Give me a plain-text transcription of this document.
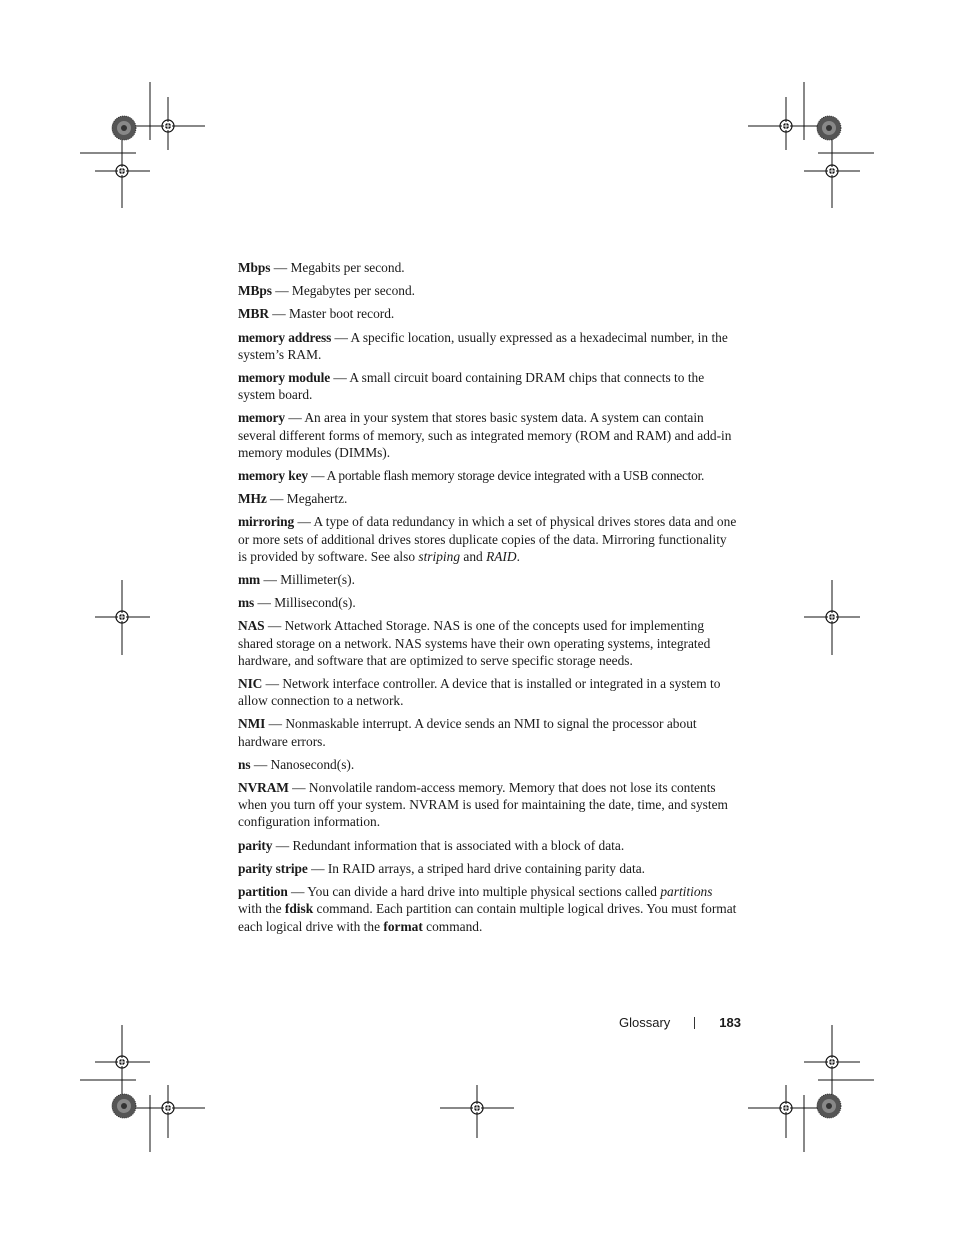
Mbps — Megabits per second.

MBps — Megabytes per second.

MBR — Master boot record.

memory address — A specific location, usually expressed as a hexadecimal number, in the system’s RAM.

memory module — A small circuit board containing DRAM chips that connects to the system board.

memory — An area in your system that stores basic system data. A system can contain several different forms of memory, such as integrated memory (ROM and RAM) and add-in memory modules (DIMMs).

memory key — A portable flash memory storage device integrated with a USB connector.

MHz — Megahertz.

mirroring — A type of data redundancy in which a set of physical drives stores data and one or more sets of additional drives stores duplicate copies of the data. Mirroring functionality is provided by software. See also striping and RAID.

mm — Millimeter(s).

ms — Millisecond(s).

NAS — Network Attached Storage. NAS is one of the concepts used for implementing shared storage on a network. NAS systems have their own operating systems, integrated hardware, and software that are optimized to serve specific storage needs.

NIC — Network interface controller. A device that is installed or integrated in a system to allow connection to a network.

NMI — Nonmaskable interrupt. A device sends an NMI to signal the processor about hardware errors.

ns — Nanosecond(s).

NVRAM — Nonvolatile random-access memory. Memory that does not lose its contents when you turn off your system. NVRAM is used for maintaining the date, time, and system configuration information.

parity — Redundant information that is associated with a block of data.

parity stripe — In RAID arrays, a striped hard drive containing parity data.

partition — You can divide a hard drive into multiple physical sections called partitions with the fdisk command. Each partition can contain multiple logical drives. You must format each logical drive with the format command.

Glossary	183
